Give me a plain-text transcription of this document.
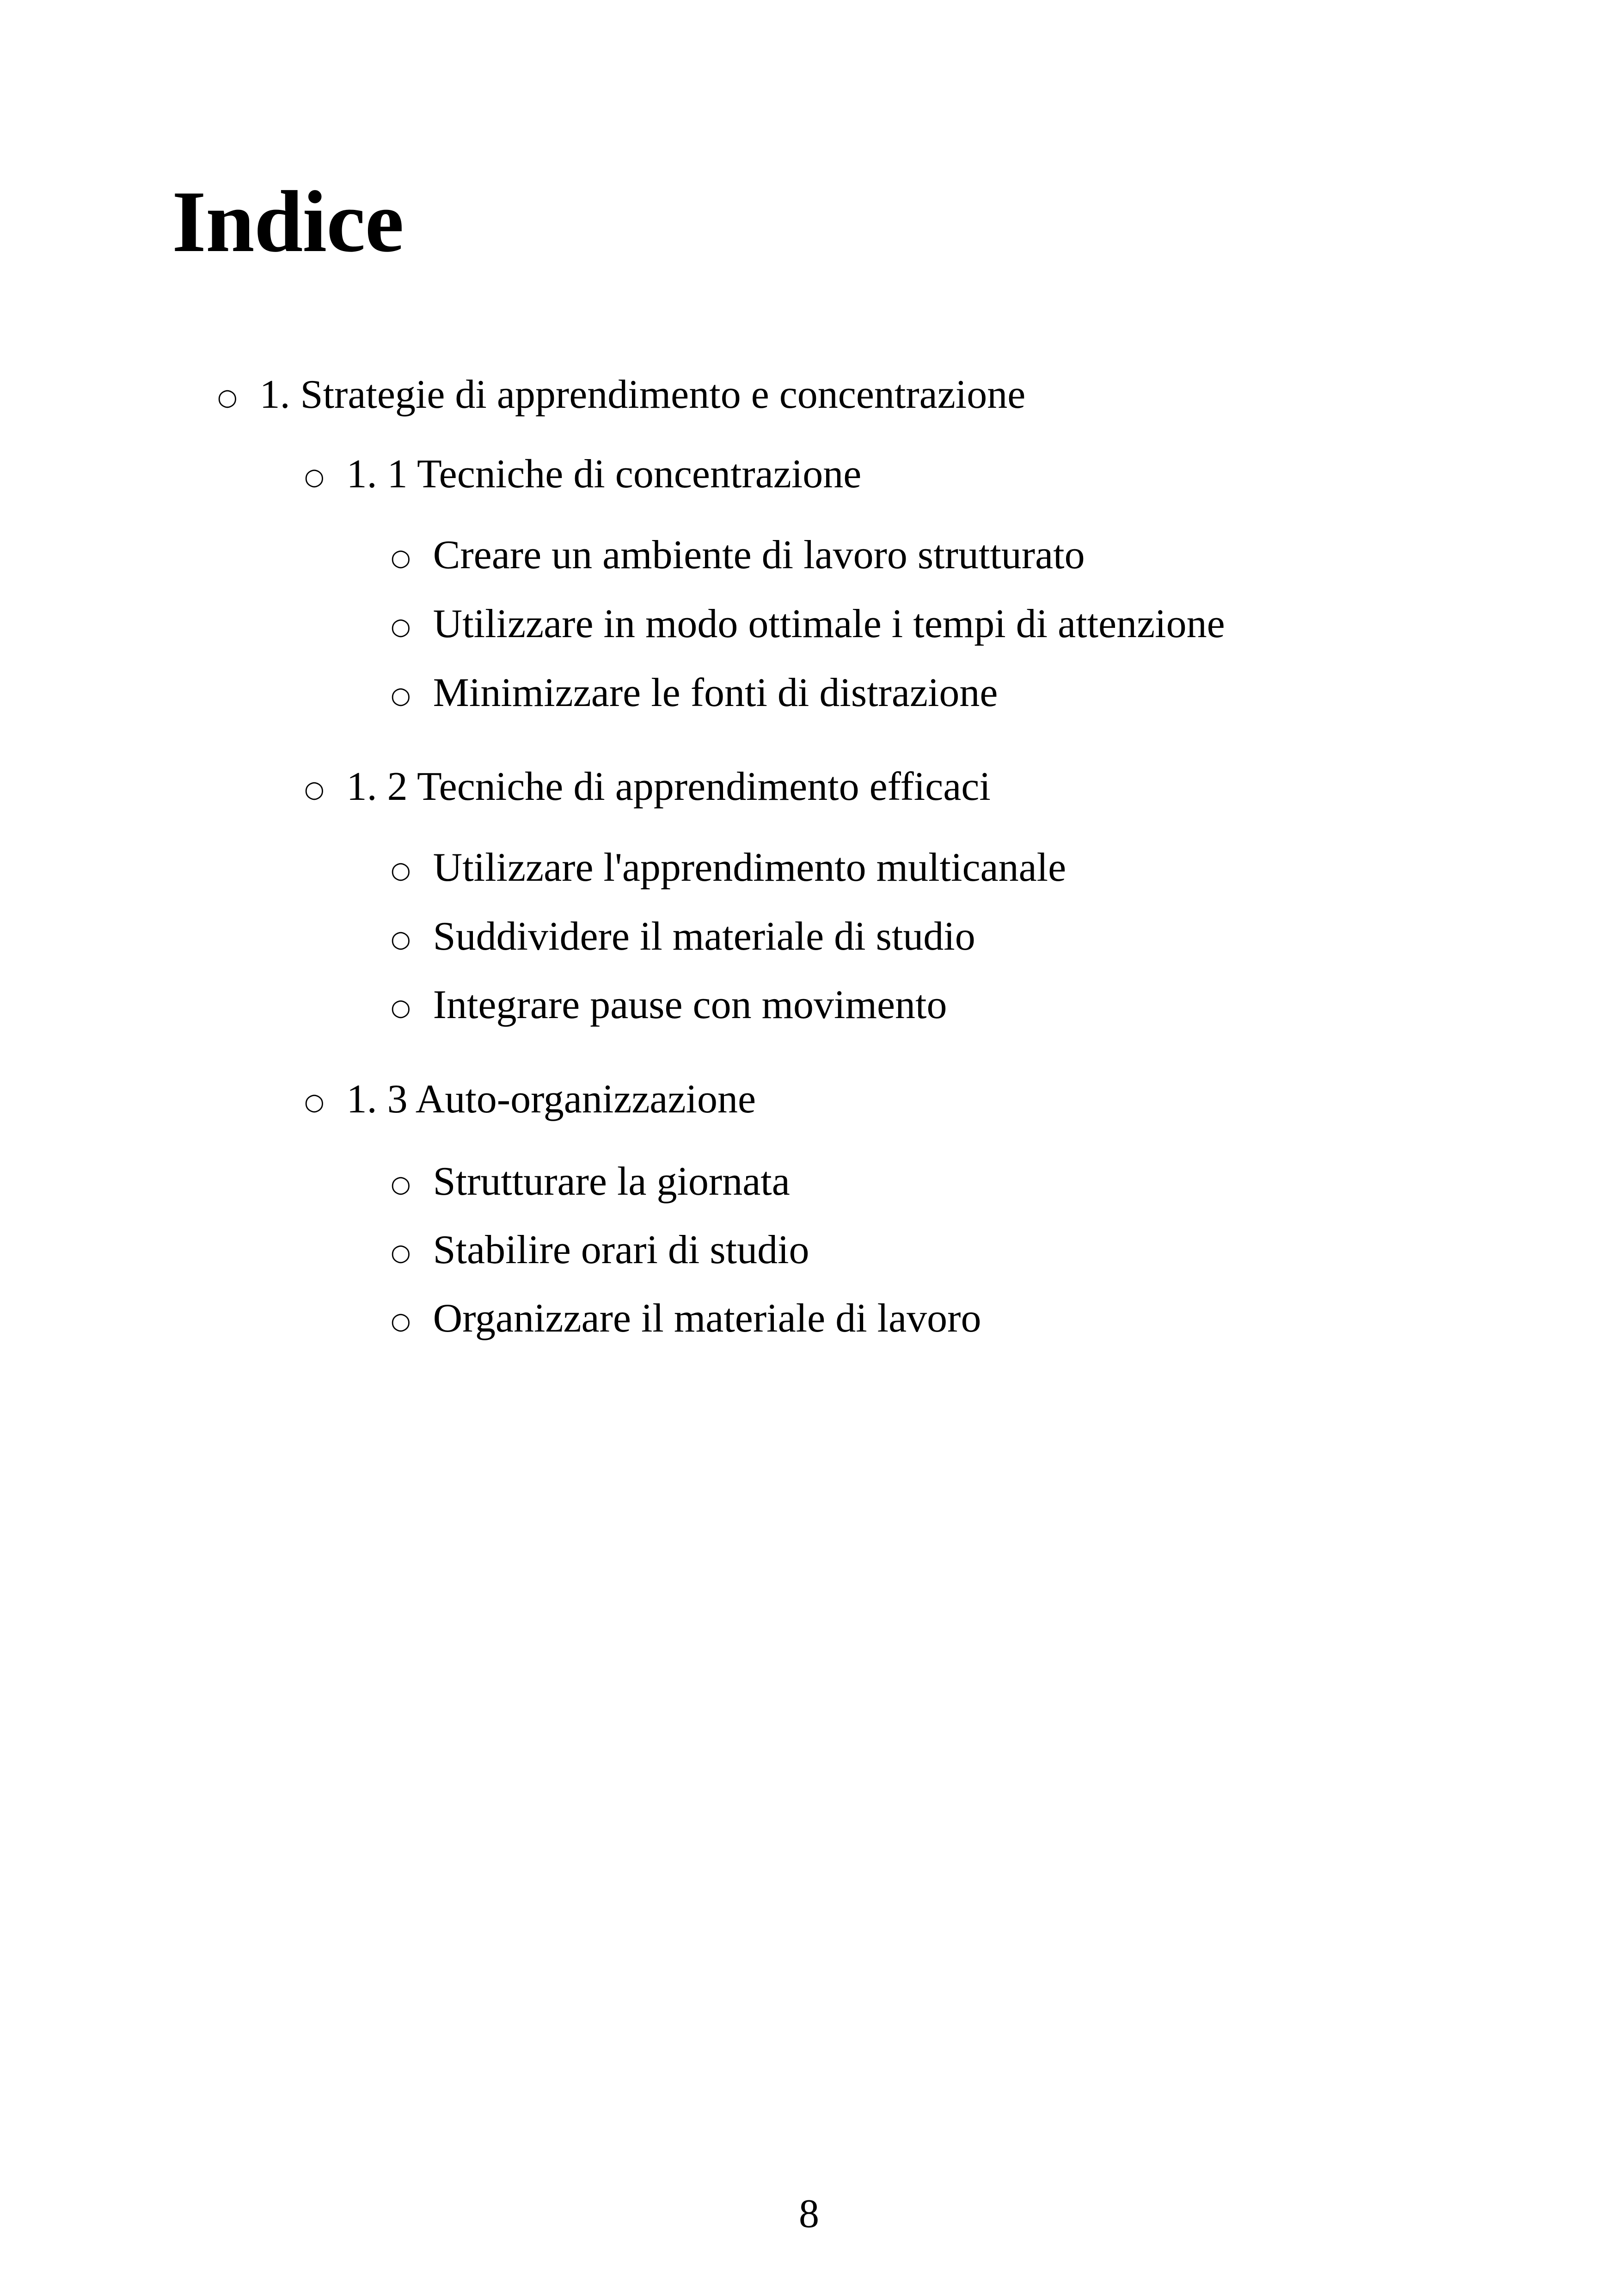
Indice
○ 1. Strategie di apprendimento e concentrazione
○ 1. 1 Tecniche di concentrazione
○ Creare un ambiente di lavoro strutturato
○ Utilizzare in modo ottimale i tempi di attenzione
○ Minimizzare le fonti di distrazione
○ 1. 2 Tecniche di apprendimento efficaci
○ Utilizzare l'apprendimento multicanale
○ Suddividere il materiale di studio
○ Integrare pause con movimento
○ 1. 3 Auto-organizzazione
○ Strutturare la giornata
○ Stabilire orari di studio
○ Organizzare il materiale di lavoro
8
